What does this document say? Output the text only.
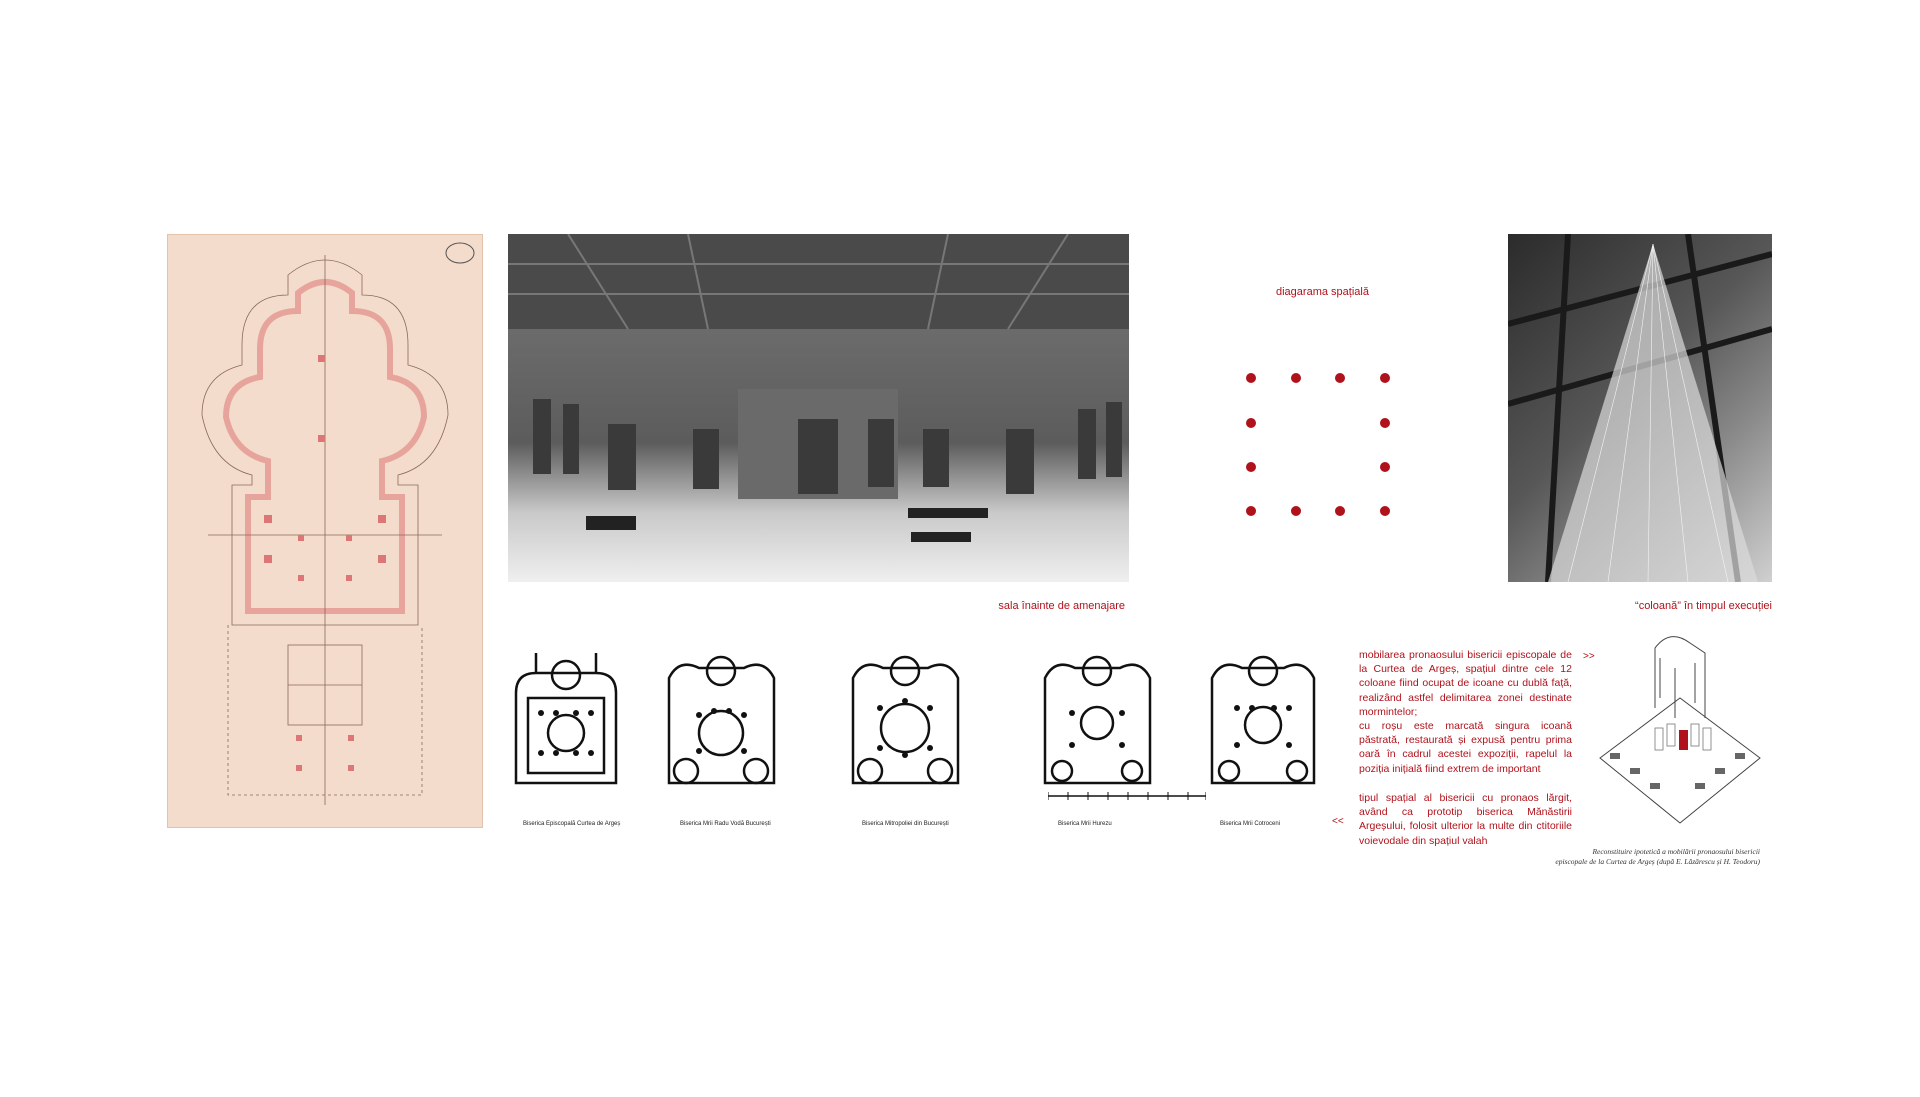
diagarama spațială
sala înainte de amenajare	“coloană” în timpul execuției
Biserica Episcopală Curtea de Argeș	Biserica Mrii Radu Vodă București	Biserica Mitropoliei din București	Biserica Mrii Hurezu	Biserica Mrii Cotroceni	<<
mobilarea pronaosului bisericii episcopale de la Curtea de Argeș, spațiul dintre cele 12 coloane fiind ocupat de icoane cu dublă față, realizând astfel delimitarea zonei destinate mormintelor;
cu roșu este marcată singura icoană păstrată, restaurată și expusă pentru prima oară în cadrul acestei expoziții, rapelul la poziția inițială fiind extrem de important
>>
tipul spațial al bisericii cu pronaos lărgit, având ca prototip biserica Mănăstirii Argeșului, folosit ulterior la multe din ctitoriile voievodale din spațiul valah
Reconstituire ipotetică a mobilării pronaosului bisericii
episcopale de la Curtea de Argeș (după E. Lăzărescu și H. Teodoru)
